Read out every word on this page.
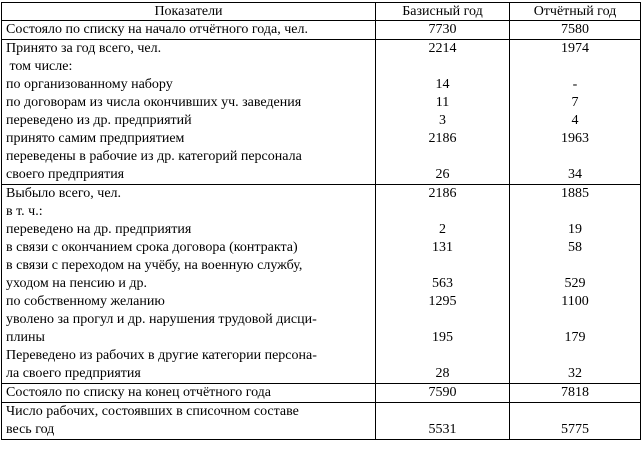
Показатели	Базисный год	Отчётный год
Состояло по списку на начало отчётного года, чел.	7730	7580

Принято за год всего, чел.	2214	1974

том числе:		

по организованному набору	14	-

по договорам из числа окончивших уч. заведения	11	7

переведено из др. предприятий	3	4

принято самим предприятием	2186	1963

переведены в рабочие из др. категорий персонала
своего предприятия	26	34

Выбыло всего, чел.	2186	1885

в т. ч.:		

переведено на др. предприятия	2	19

в связи с окончанием срока договора (контракта)	131	58

в связи с переходом на учёбу, на военную службу,
уходом на пенсию и др.	563	529

по собственному желанию	1295	1100

уволено за прогул и др. нарушения трудовой дисци-
плины	195	179

Переведено из рабочих в другие категории персона-
ла своего предприятия	28	32
Состояло по списку на конец отчётного года	7590	7818

Число рабочих, состоявших в списочном составе
весь год	5531	5775
